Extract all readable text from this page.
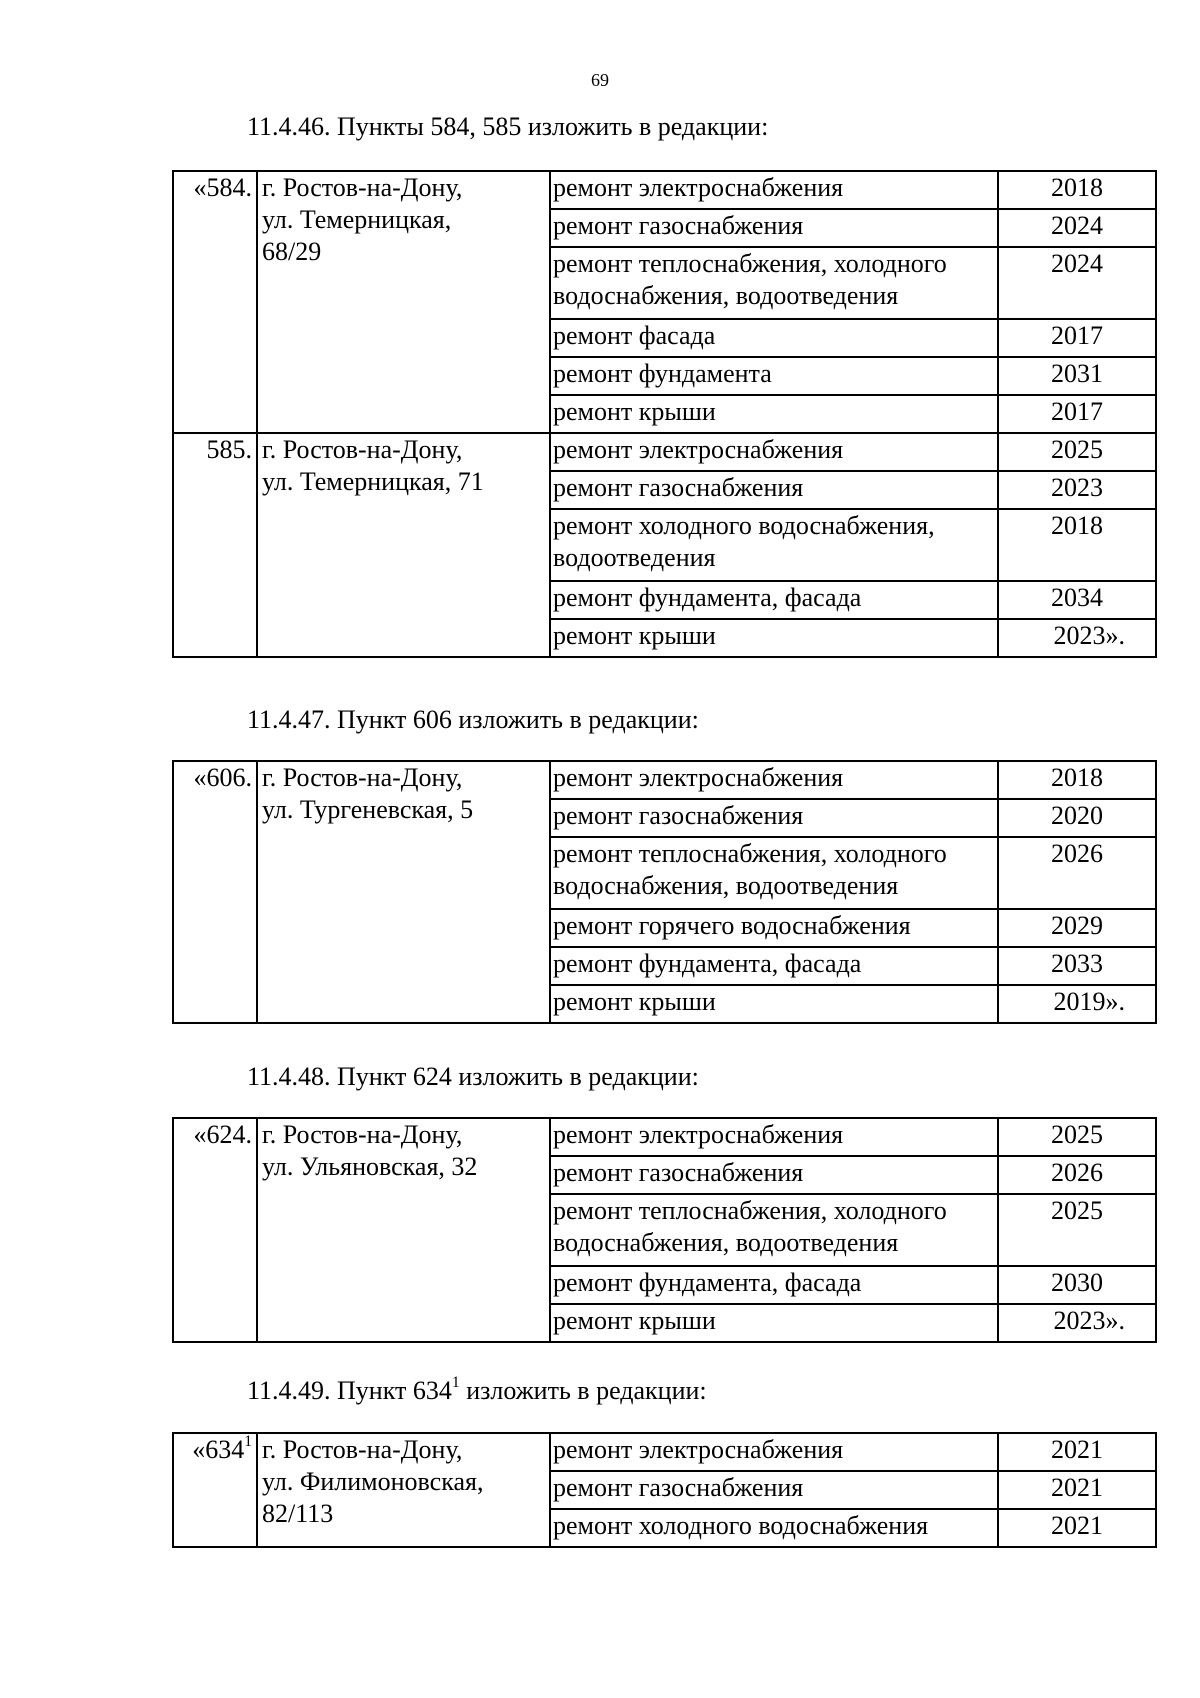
69
11.4.46. Пункты 584, 585 изложить в редакции:
«584.	г. Ростов-на-Дону,
ул. Темерницкая,
68/29	ремонт электроснабжения	2018
		ремонт газоснабжения	2024
		ремонт теплоснабжения, холодного водоснабжения, водоотведения	2024
		ремонт фасада	2017
		ремонт фундамента	2031
		ремонт крыши	2017
585.	г. Ростов-на-Дону,
ул. Темерницкая, 71	ремонт электроснабжения	2025
		ремонт газоснабжения	2023
		ремонт холодного водоснабжения, водоотведения	2018
		ремонт фундамента, фасада	2034
		ремонт крыши	2023».
11.4.47. Пункт 606 изложить в редакции:
«606.	г. Ростов-на-Дону,
ул. Тургеневская, 5	ремонт электроснабжения	2018
		ремонт газоснабжения	2020
		ремонт теплоснабжения, холодного водоснабжения, водоотведения	2026
		ремонт горячего водоснабжения	2029
		ремонт фундамента, фасада	2033
		ремонт крыши	2019».
11.4.48. Пункт 624 изложить в редакции:
«624.	г. Ростов-на-Дону,
ул. Ульяновская, 32	ремонт электроснабжения	2025
		ремонт газоснабжения	2026
		ремонт теплоснабжения, холодного водоснабжения, водоотведения	2025
		ремонт фундамента, фасада	2030
		ремонт крыши	2023».
11.4.49. Пункт $634^1$ изложить в редакции:
«$634^1$	г. Ростов-на-Дону,
ул. Филимоновская,
82/113	ремонт электроснабжения	2021
		ремонт газоснабжения	2021
		ремонт холодного водоснабжения	2021
